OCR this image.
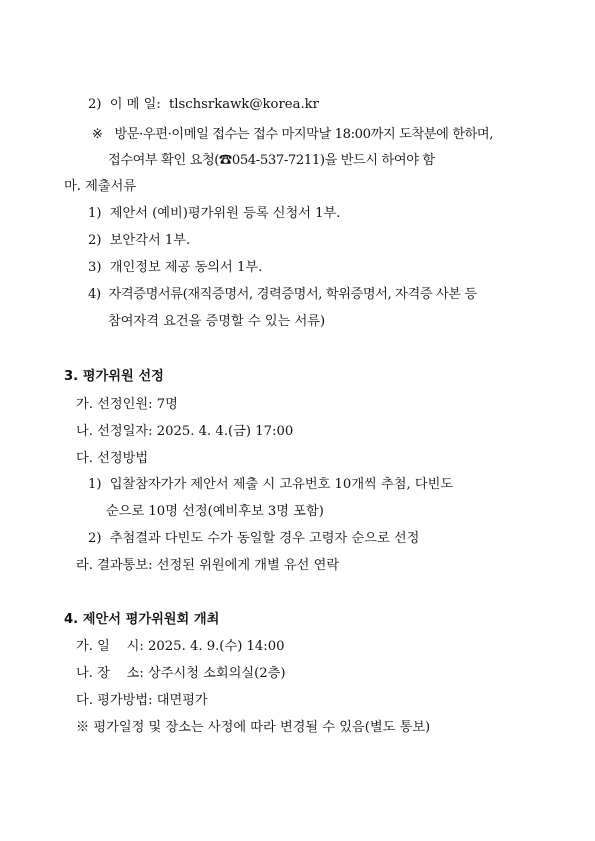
2) 이 메 일: tlschsrkawk@korea.kr
※ 방문·우편·이메일 접수는 접수 마지막날 18:00까지 도착분에 한하며,
접수여부 확인 요청(☎054-537-7211)을 반드시 하여야 함
마. 제출서류
1) 제안서 (예비)평가위원 등록 신청서 1부.
2) 보안각서 1부.
3) 개인정보 제공 동의서 1부.
4) 자격증명서류(재직증명서, 경력증명서, 학위증명서, 자격증 사본 등
참여자격 요건을 증명할 수 있는 서류)
3. 평가위원 선정
가. 선정인원: 7명
나. 선정일자: 2025. 4. 4.(금) 17:00
다. 선정방법
1) 입찰참자가가 제안서 제출 시 고유번호 10개씩 추첨, 다빈도
순으로 10명 선정(예비후보 3명 포함)
2) 추첨결과 다빈도 수가 동일할 경우 고령자 순으로 선정
라. 결과통보: 선정된 위원에게 개별 유선 연락
4. 제안서 평가위원회 개최
가. 일    시: 2025. 4. 9.(수) 14:00
나. 장    소: 상주시청 소회의실(2층)
다. 평가방법: 대면평가
※ 평가일정 및 장소는 사정에 따라 변경될 수 있음(별도 통보)
